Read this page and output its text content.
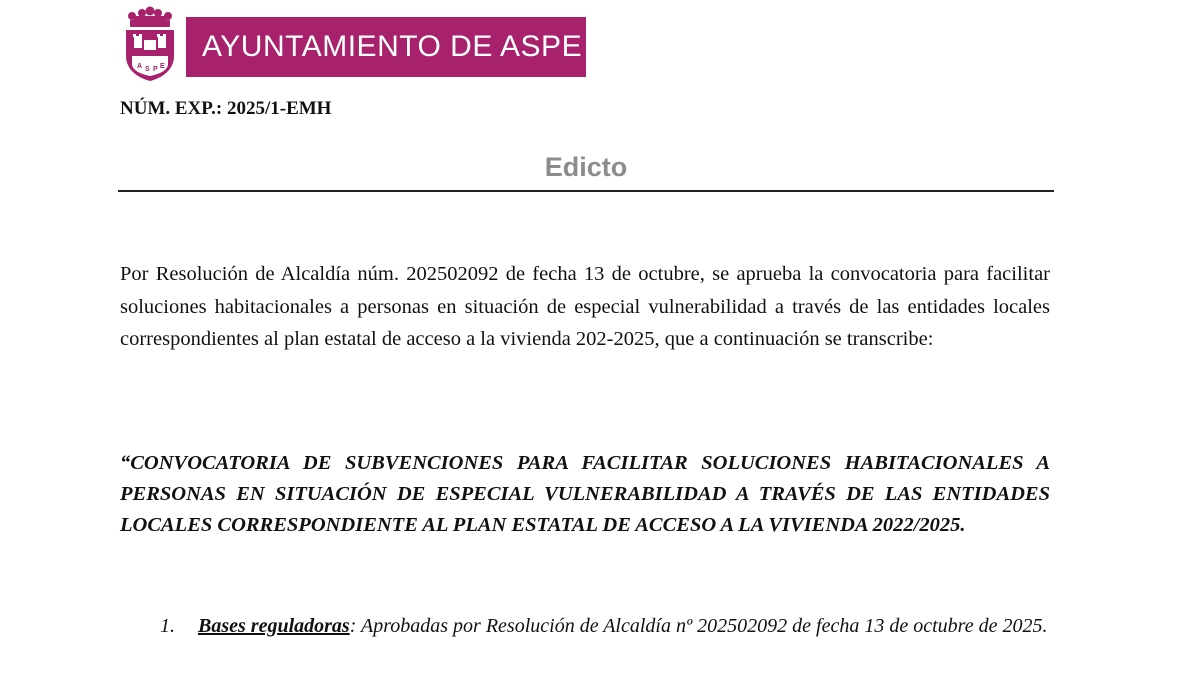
A S P E
AYUNTAMIENTO DE ASPE
NÚM. EXP.: 2025/1-EMH
Edicto

Por Resolución de Alcaldía núm. 202502092 de fecha 13 de octubre, se aprueba la convocatoria para facilitar soluciones habitacionales a personas en situación de especial vulnerabilidad a través de las entidades locales correspondientes al plan estatal de acceso a la vivienda 202-2025, que a continuación se transcribe:

“CONVOCATORIA DE SUBVENCIONES PARA FACILITAR SOLUCIONES HABITACIONALES A PERSONAS EN SITUACIÓN DE ESPECIAL VULNERABILIDAD A TRAVÉS DE LAS ENTIDADES LOCALES CORRESPONDIENTE AL PLAN ESTATAL DE ACCESO A LA VIVIENDA 2022/2025.

1.	Bases reguladoras: Aprobadas por Resolución de Alcaldía nº 202502092 de fecha 13 de octubre de 2025.
